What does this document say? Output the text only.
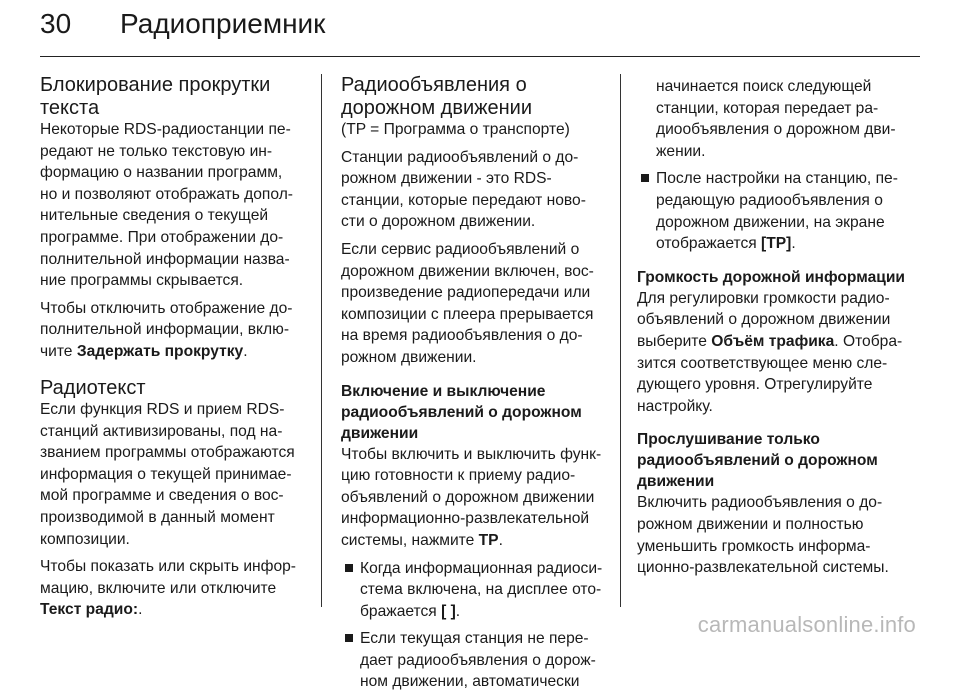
30	Радиоприемник
Блокирование прокрутки
текста

Некоторые RDS-радиостанции пе-
редают не только текстовую ин-
формацию о названии программ,
но и позволяют отображать допол-
нительные сведения о текущей
программе. При отображении до-
полнительной информации назва-
ние программы скрывается.

Чтобы отключить отображение до-
полнительной информации, вклю-
чите Задержать прокрутку.

Радиотекст

Если функция RDS и прием RDS-
станций активизированы, под на-
званием программы отображаются
информация о текущей принимае-
мой программе и сведения о вос-
производимой в данный момент
композиции.

Чтобы показать или скрыть инфор-
мацию, включите или отключите
Текст радио:.

Радиообъявления о
дорожном движении

(TP = Программа о транспорте)

Станции радиообъявлений о до-
рожном движении - это RDS-
станции, которые передают ново-
сти о дорожном движении.

Если сервис радиообъявлений о
дорожном движении включен, вос-
произведение радиопередачи или
композиции с плеера прерывается
на время радиообъявления о до-
рожном движении.

Включение и выключение
радиообъявлений о дорожном
движении

Чтобы включить и выключить функ-
цию готовности к приему радио-
объявлений о дорожном движении
информационно-развлекательной
системы, нажмите TP.

Когда информационная радиоси-
стема включена, на дисплее ото-
бражается [ ].
Если текущая станция не пере-
дает радиообъявления о дорож-
ном движении, автоматически
начинается поиск следующей
станции, которая передает ра-
диообъявления о дорожном дви-
жении.
После настройки на станцию, пе-
редающую радиообъявления о
дорожном движении, на экране
отображается [TP].
Громкость дорожной информации

Для регулировки громкости радио-
объявлений о дорожном движении
выберите Объём трафика. Отобра-
зится соответствующее меню сле-
дующего уровня. Отрегулируйте
настройку.

Прослушивание только
радиообъявлений о дорожном
движении

Включить радиообъявления о до-
рожном движении и полностью
уменьшить громкость информа-
ционно-развлекательной системы.

carmanualsonline.info
